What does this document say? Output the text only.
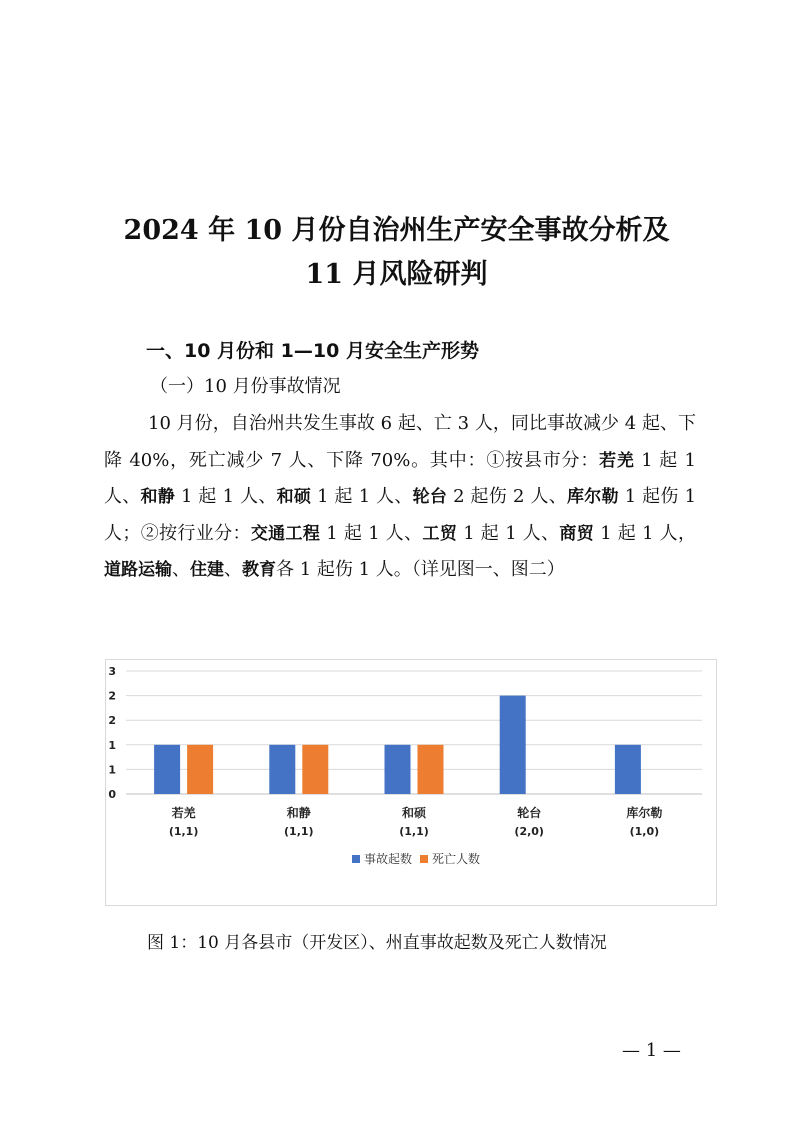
2024 年 10 月份自治州生产安全事故分析及
11 月风险研判
一、10 月份和 1—10 月安全生产形势
（一）10 月份事故情况
10 月份，自治州共发生事故 6 起、亡 3 人，同比事故减少 4 起、下降 40%，死亡减少 7 人、下降 70%。其中：①按县市分：若羌 1 起 1 人、和静 1 起 1 人、和硕 1 起 1 人、轮台 2 起伤 2 人、库尔勒 1 起伤 1 人；②按行业分：交通工程 1 起 1 人、工贸 1 起 1 人、商贸 1 起 1 人，道路运输、住建、教育各 1 起伤 1 人。（详见图一、图二）
0
1
1
2
2
3
若羌
(1,1)
和静
(1,1)
和硕
(1,1)
轮台
(2,0)
库尔勒
(1,0)
事故起数 死亡人数
图 1：10 月各县市（开发区）、州直事故起数及死亡人数情况
— 1 —
